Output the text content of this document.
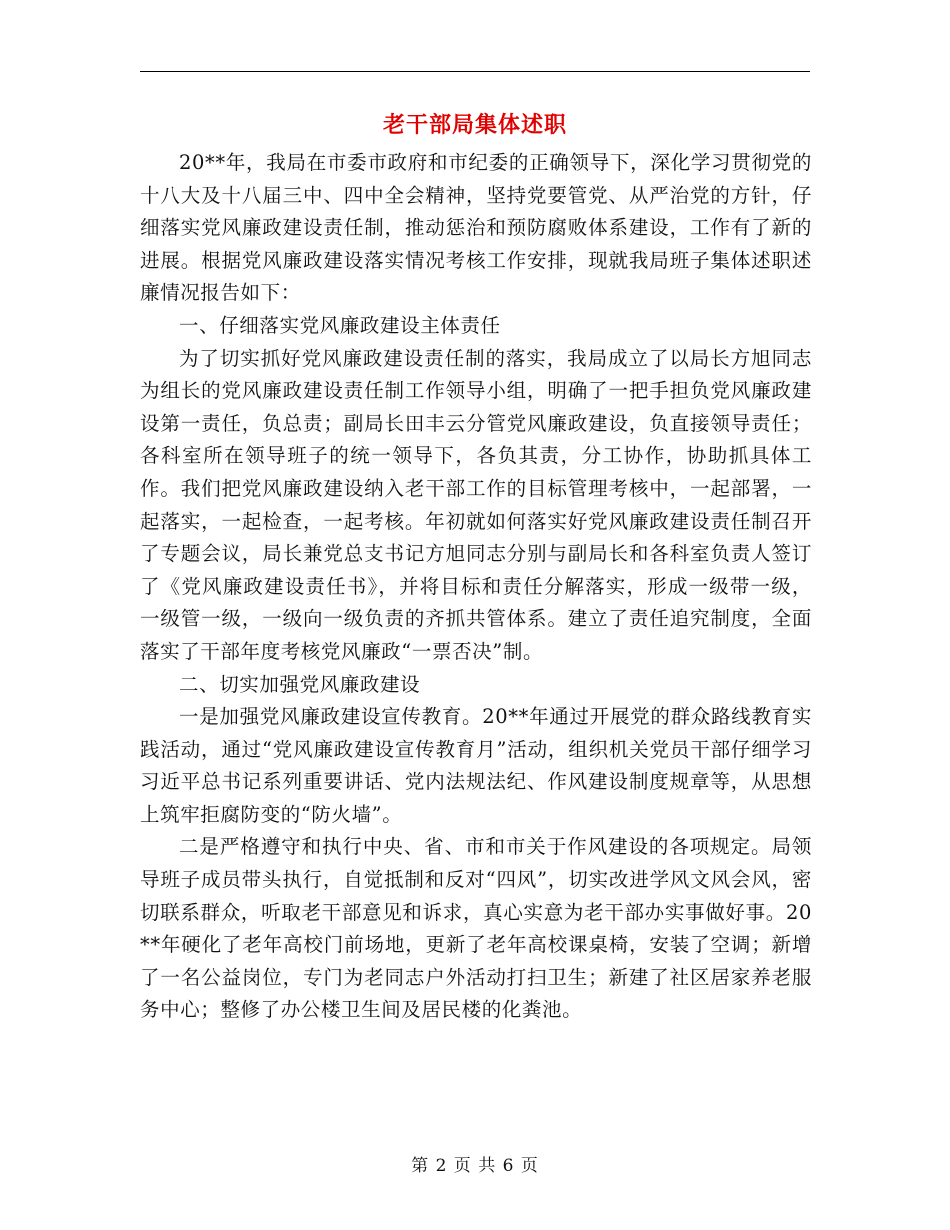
老干部局集体述职

20**年，我局在市委市政府和市纪委的正确领导下，深化学习贯彻党的十八大及十八届三中、四中全会精神，坚持党要管党、从严治党的方针，仔细落实党风廉政建设责任制，推动惩治和预防腐败体系建设，工作有了新的进展。根据党风廉政建设落实情况考核工作安排，现就我局班子集体述职述廉情况报告如下：

一、仔细落实党风廉政建设主体责任

为了切实抓好党风廉政建设责任制的落实，我局成立了以局长方旭同志为组长的党风廉政建设责任制工作领导小组，明确了一把手担负党风廉政建设第一责任，负总责；副局长田丰云分管党风廉政建设，负直接领导责任；各科室所在领导班子的统一领导下，各负其责，分工协作，协助抓具体工作。我们把党风廉政建设纳入老干部工作的目标管理考核中，一起部署，一起落实，一起检查，一起考核。年初就如何落实好党风廉政建设责任制召开了专题会议，局长兼党总支书记方旭同志分别与副局长和各科室负责人签订了《党风廉政建设责任书》，并将目标和责任分解落实，形成一级带一级，一级管一级，一级向一级负责的齐抓共管体系。建立了责任追究制度，全面落实了干部年度考核党风廉政“一票否决”制。

二、切实加强党风廉政建设

一是加强党风廉政建设宣传教育。20**年通过开展党的群众路线教育实践活动，通过“党风廉政建设宣传教育月”活动，组织机关党员干部仔细学习习近平总书记系列重要讲话、党内法规法纪、作风建设制度规章等，从思想上筑牢拒腐防变的“防火墙”。

二是严格遵守和执行中央、省、市和市关于作风建设的各项规定。局领导班子成员带头执行，自觉抵制和反对“四风”，切实改进学风文风会风，密切联系群众，听取老干部意见和诉求，真心实意为老干部办实事做好事。20**年硬化了老年高校门前场地，更新了老年高校课桌椅，安装了空调；新增了一名公益岗位，专门为老同志户外活动打扫卫生；新建了社区居家养老服务中心；整修了办公楼卫生间及居民楼的化粪池。

第 2 页 共 6 页
